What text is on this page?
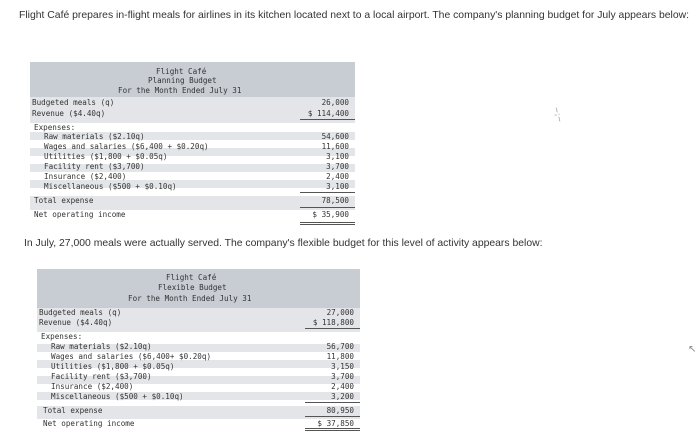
Flight Café prepares in-flight meals for airlines in its kitchen located next to a local airport. The company's planning budget for July appears below:

Flight Café
Planning Budget
For the Month Ended July 31
Budgeted meals (q)	26,000
Revenue ($4.40q)	$ 114,400
Expenses:
Raw materials ($2.10q)	54,600
Wages and salaries ($6,400 + $0.20q)	11,600
Utilities ($1,800 + $0.05q)	3,100
Facility rent ($3,700)	3,700
Insurance ($2,400)	2,400
Miscellaneous ($500 + $0.10q)	3,100
Total expense	78,500
Net operating income	$ 35,900
~;~

In July, 27,000 meals were actually served. The company's flexible budget for this level of activity appears below:

Flight Café
Flexible Budget
For the Month Ended July 31
Budgeted meals (q)	27,000
Revenue ($4.40q)	$ 118,800
Expenses:
Raw materials ($2.10q)	56,700
Wages and salaries ($6,400+ $0.20q)	11,800
Utilities ($1,800 + $0.05q)	3,150
Facility rent ($3,700)	3,700
Insurance ($2,400)	2,400
Miscellaneous ($500 + $0.10q)	3,200
Total expense	80,950
Net operating income	$ 37,850
↖
